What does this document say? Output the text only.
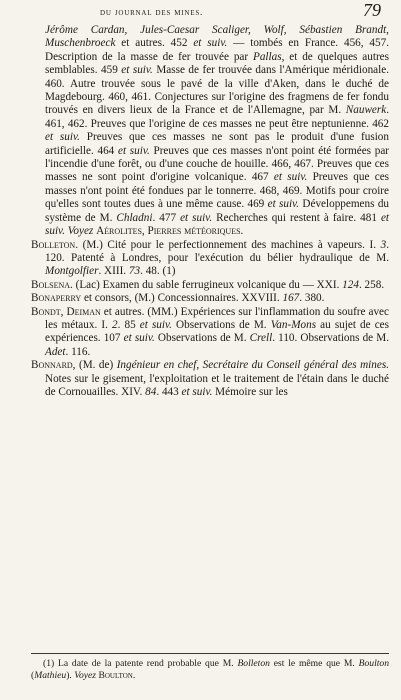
du journal des mines.	79

Jérôme Cardan, Jules-Caesar Scaliger, Wolf, Sébastien Brandt, Muschenbroeck et autres. 452 et suiv. — tombés en France. 456, 457. Description de la masse de fer trouvée par Pallas, et de quelques autres semblables. 459 et suiv. Masse de fer trouvée dans l'Amérique méridionale. 460. Autre trouvée sous le pavé de la ville d'Aken, dans le duché de Magdebourg. 460, 461. Conjectures sur l'origine des fragmens de fer fondu trouvés en divers lieux de la France et de l'Allemagne, par M. Nauwerk. 461, 462. Preuves que l'origine de ces masses ne peut être neptunienne. 462 et suiv. Preuves que ces masses ne sont pas le produit d'une fusion artificielle. 464 et suiv. Preuves que ces masses n'ont point été formées par l'incendie d'une forêt, ou d'une couche de houille. 466, 467. Preuves que ces masses ne sont point d'origine volcanique. 467 et suiv. Preuves que ces masses n'ont point été fondues par le tonnerre. 468, 469. Motifs pour croire qu'elles sont toutes dues à une même cause. 469 et suiv. Développemens du système de M. Chladni. 477 et suiv. Recherches qui restent à faire. 481 et suiv. Voyez Aérolites, Pierres météoriques.

Bolleton. (M.) Cité pour le perfectionnement des machines à vapeurs. I. 3. 120. Patenté à Londres, pour l'exécution du bélier hydraulique de M. Montgolfier. XIII. 73. 48. (1)

Bolsena. (Lac) Examen du sable ferrugineux volcanique du — XXI. 124. 258.

Bonaperry et consors, (M.) Concessionnaires. XXVIII. 167. 380.

Bondt, Deiman et autres. (MM.) Expériences sur l'inflammation du soufre avec les métaux. I. 2. 85 et suiv. Observations de M. Van-Mons au sujet de ces expériences. 107 et suiv. Observations de M. Crell. 110. Observations de M. Adet. 116.

Bonnard, (M. de) Ingénieur en chef, Secrétaire du Conseil général des mines. Notes sur le gisement, l'exploitation et le traitement de l'étain dans le duché de Cornouailles. XIV. 84. 443 et suiv. Mémoire sur les

(1) La date de la patente rend probable que M. Bolleton est le même que M. Boulton (Mathieu). Voyez Boulton.
